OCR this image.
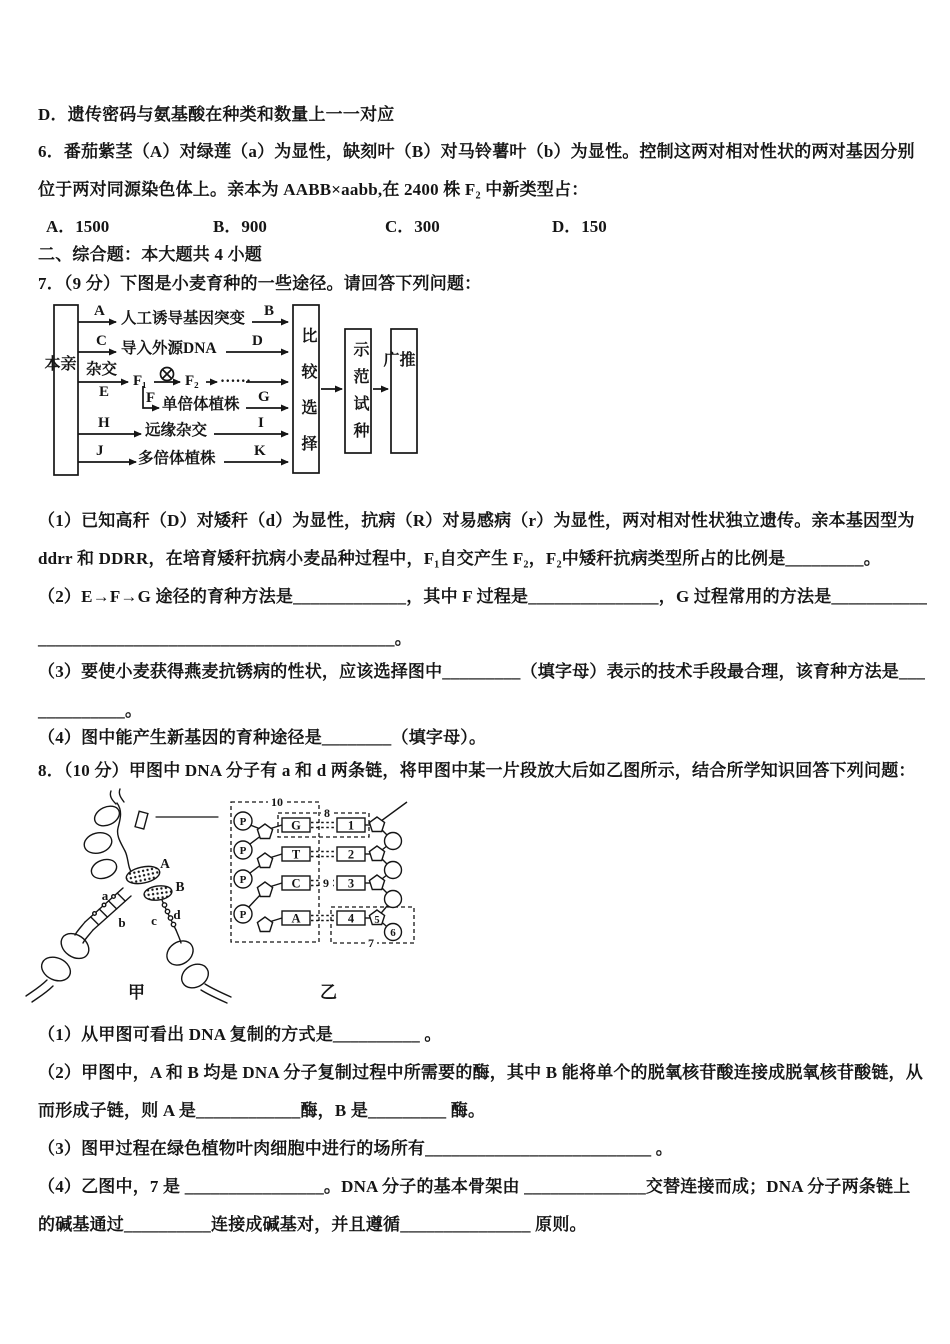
D．遗传密码与氨基酸在种类和数量上一一对应
6．番茄紫茎（A）对绿莲（a）为显性，缺刻叶（B）对马铃薯叶（b）为显性。控制这两对相对性状的两对基因分别
位于两对同源染色体上。亲本为 AABB×aabb,在 2400 株 F₂ 中新类型占：
A．1500	B．900	C．300	D．150
二、综合题：本大题共 4 小题
7．（9 分）下图是小麦育种的一些途径。请回答下列问题：
亲本	比较选择	示范试种	推广
A 人工诱导基因突变 B
C 导入外源DNA D
杂交
E
F₁	F₂ ……
F 单倍体植株 G
H 远缘杂交	I
J 多倍体植株	K
（1）已知高秆（D）对矮秆（d）为显性，抗病（R）对易感病（r）为显性，两对相对性状独立遗传。亲本基因型为
ddrr 和 DDRR，在培育矮秆抗病小麦品种过程中，F₁自交产生 F₂，F₂中矮秆抗病类型所占的比例是_________。
（2）E→F→G 途径的育种方法是_____________，其中 F 过程是_______________，G 过程常用的方法是___________
_________________________________________。
（3）要使小麦获得燕麦抗锈病的性状，应该选择图中_________（填字母）表示的技术手段最合理，该育种方法是___
__________。
（4）图中能产生新基因的育种途径是________（填字母）。
8．（10 分）甲图中 DNA 分子有 a 和 d 两条链，将甲图中某一片段放大后如乙图所示，结合所学知识回答下列问题：
A
B
a
b c d
P
P
P
P
G
T
C
A
1
2
3
4 5
6
7
8
9
10
甲	乙
（1）从甲图可看出 DNA 复制的方式是__________ 。
（2）甲图中，A 和 B 均是 DNA 分子复制过程中所需要的酶，其中 B 能将单个的脱氧核苷酸连接成脱氧核苷酸链，从
而形成子链，则 A 是____________酶，B 是_________ 酶。
（3）图甲过程在绿色植物叶肉细胞中进行的场所有__________________________ 。
（4）乙图中，7 是 ________________。DNA 分子的基本骨架由 ______________交替连接而成；DNA 分子两条链上
的碱基通过__________连接成碱基对，并且遵循_______________ 原则。
